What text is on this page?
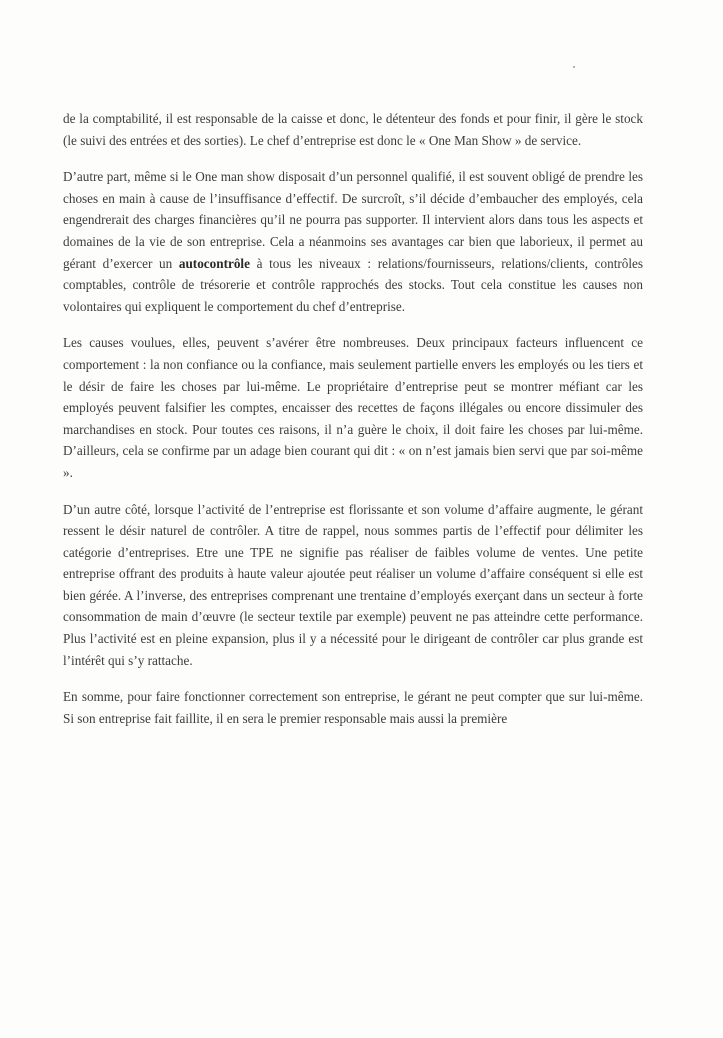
de la comptabilité, il est responsable de la caisse et donc, le détenteur des fonds et pour finir, il gère le stock (le suivi des entrées et des sorties). Le chef d’entreprise est donc le « One Man Show » de service.

D’autre part, même si le One man show disposait d’un personnel qualifié, il est souvent obligé de prendre les choses en main à cause de l’insuffisance d’effectif. De surcroît, s’il décide d’embaucher des employés, cela engendrerait des charges financières qu’il ne pourra pas supporter. Il intervient alors dans tous les aspects et domaines de la vie de son entreprise. Cela a néanmoins ses avantages car bien que laborieux, il permet au gérant d’exercer un autocontrôle à tous les niveaux : relations/fournisseurs, relations/clients, contrôles comptables, contrôle de trésorerie et contrôle rapprochés des stocks. Tout cela constitue les causes non volontaires qui expliquent le comportement du chef d’entreprise.

Les causes voulues, elles, peuvent s’avérer être nombreuses. Deux principaux facteurs influencent ce comportement : la non confiance ou la confiance, mais seulement partielle envers les employés ou les tiers et le désir de faire les choses par lui-même. Le propriétaire d’entreprise peut se montrer méfiant car les employés peuvent falsifier les comptes, encaisser des recettes de façons illégales ou encore dissimuler des marchandises en stock. Pour toutes ces raisons, il n’a guère le choix, il doit faire les choses par lui-même. D’ailleurs, cela se confirme par un adage bien courant qui dit : « on n’est jamais bien servi que par soi-même ».

D’un autre côté, lorsque l’activité de l’entreprise est florissante et son volume d’affaire augmente, le gérant ressent le désir naturel de contrôler. A titre de rappel, nous sommes partis de l’effectif pour délimiter les catégorie d’entreprises. Etre une TPE ne signifie pas réaliser de faibles volume de ventes. Une petite entreprise offrant des produits à haute valeur ajoutée peut réaliser un volume d’affaire conséquent si elle est bien gérée. A l’inverse, des entreprises comprenant une trentaine d’employés exerçant dans un secteur à forte consommation de main d’œuvre (le secteur textile par exemple) peuvent ne pas atteindre cette performance. Plus l’activité est en pleine expansion, plus il y a nécessité pour le dirigeant de contrôler car plus grande est l’intérêt qui s’y rattache.

En somme, pour faire fonctionner correctement son entreprise, le gérant ne peut compter que sur lui-même. Si son entreprise fait faillite, il en sera le premier responsable mais aussi la première
